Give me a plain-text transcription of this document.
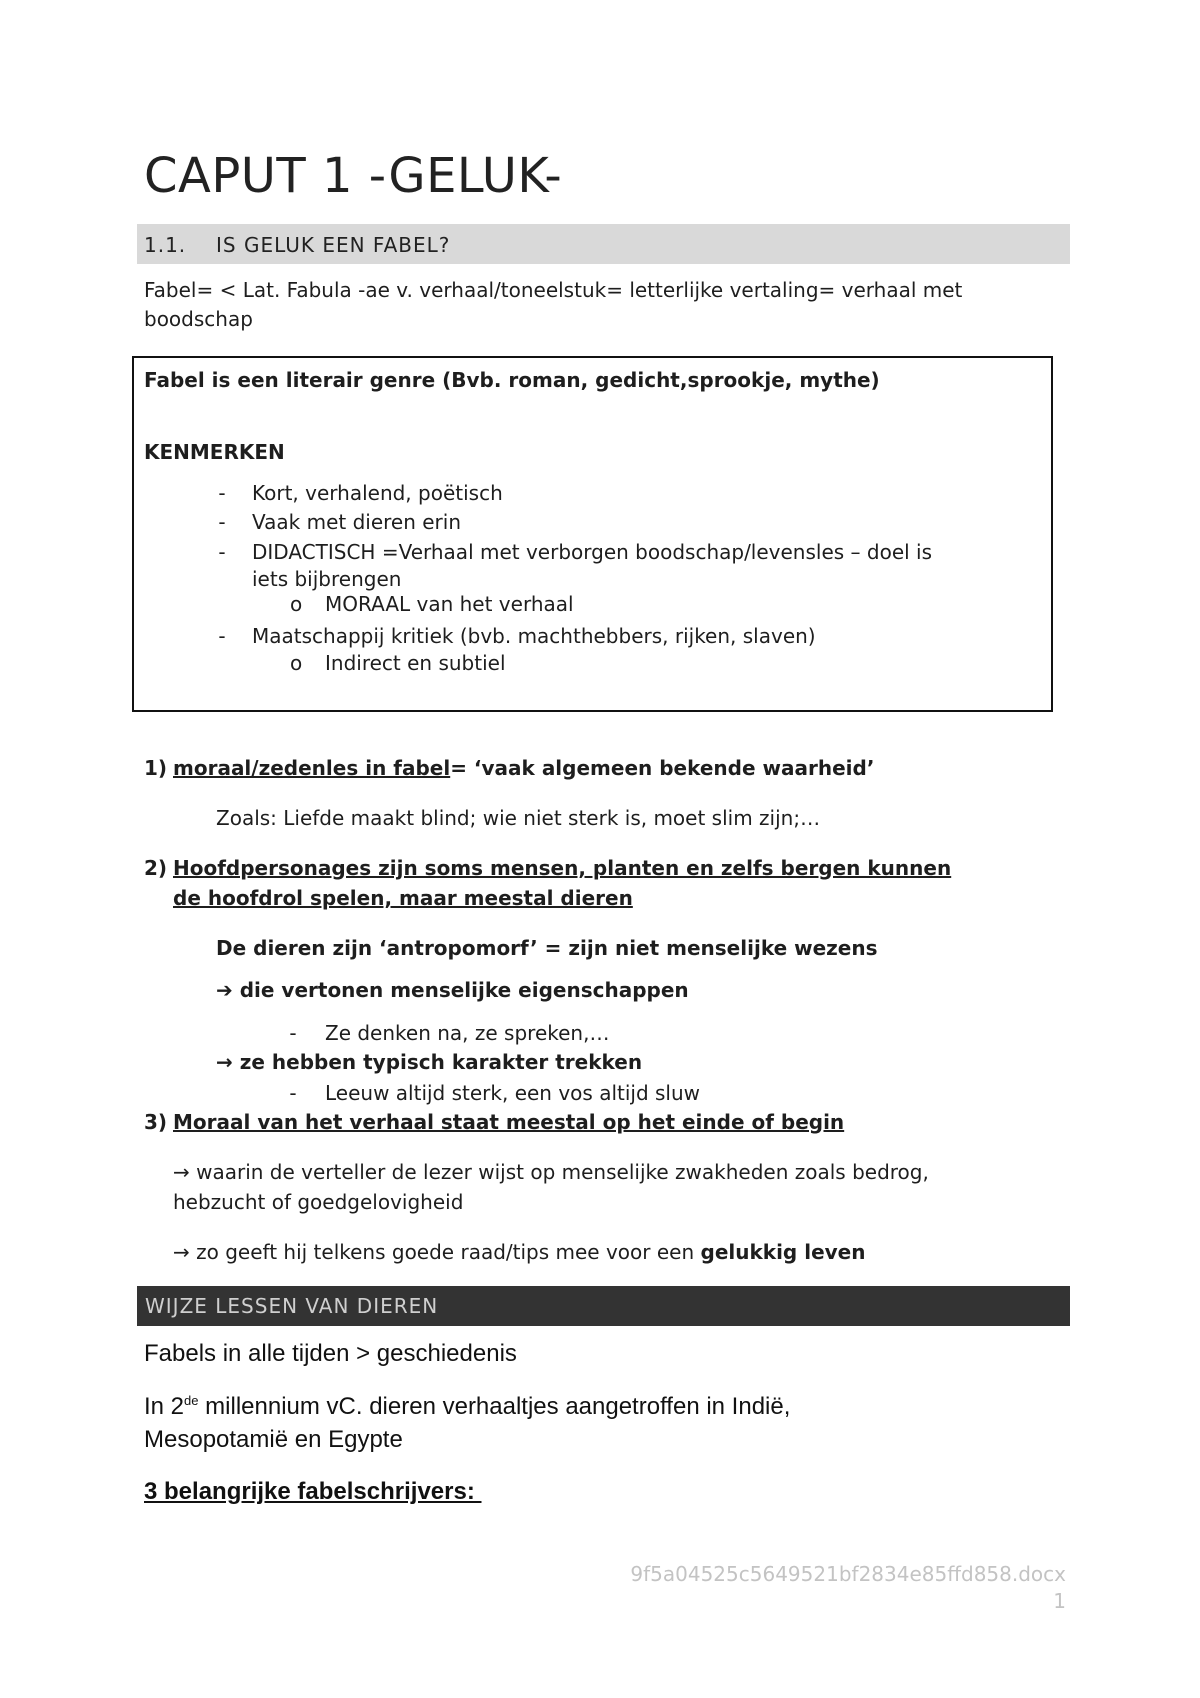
CAPUT 1 -GELUK-
1.1. IS GELUK EEN FABEL?
Fabel= < Lat. Fabula -ae v. verhaal/toneelstuk= letterlijke vertaling= verhaal met
boodschap
Fabel is een literair genre (Bvb. roman, gedicht,sprookje, mythe)
KENMERKEN
-	Kort, verhalend, poëtisch
-	Vaak met dieren erin
-	DIDACTISCH =Verhaal met verborgen boodschap/levensles – doel is
iets bijbrengen
o MORAAL van het verhaal
-	Maatschappij kritiek (bvb. machthebbers, rijken, slaven)
o Indirect en subtiel
1) moraal/zedenles in fabel= ‘vaak algemeen bekende waarheid’
Zoals: Liefde maakt blind; wie niet sterk is, moet slim zijn;…
2) Hoofdpersonages zijn soms mensen, planten en zelfs bergen kunnen
de hoofdrol spelen, maar meestal dieren
De dieren zijn ‘antropomorf’ = zijn niet menselijke wezens
➔ die vertonen menselijke eigenschappen
-	Ze denken na, ze spreken,…
→ ze hebben typisch karakter trekken
-	Leeuw altijd sterk, een vos altijd sluw
3) Moraal van het verhaal staat meestal op het einde of begin
→ waarin de verteller de lezer wijst op menselijke zwakheden zoals bedrog,
hebzucht of goedgelovigheid
→ zo geeft hij telkens goede raad/tips mee voor een gelukkig leven
WIJZE LESSEN VAN DIEREN
Fabels in alle tijden > geschiedenis
In 2de millennium vC. dieren verhaaltjes aangetroffen in Indië,
Mesopotamië en Egypte
3 belangrijke fabelschrijvers:
9f5a04525c5649521bf2834e85ffd858.docx
1
